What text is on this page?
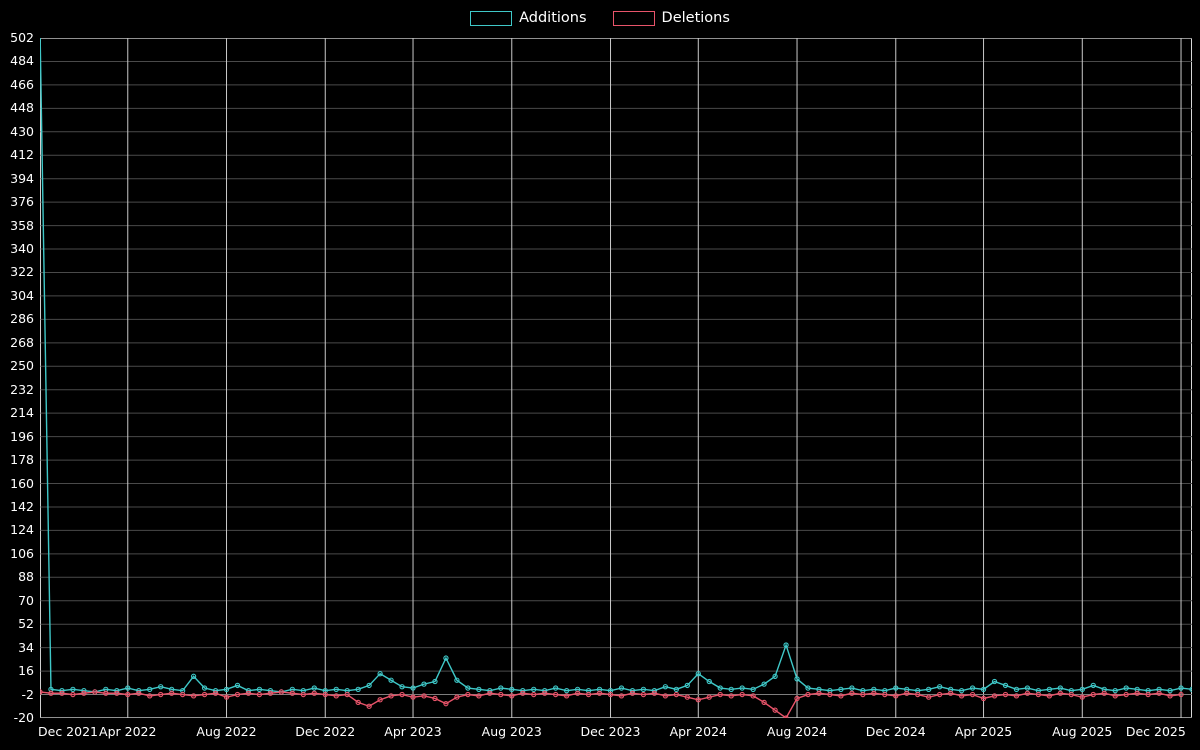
Additions	Deletions
502
484
466
448
430
412
394
376
358
340
322
304
286
268
250
232
214
196
178
160
142
124
106
88
70
52
34
16
-2
-20
Dec 2021 Apr 2022	Aug 2022	Dec 2022 Apr 2023	Aug 2023	Dec 2023 Apr 2024	Aug 2024	Dec 2024 Apr 2025	Aug 2025 Dec 2025
